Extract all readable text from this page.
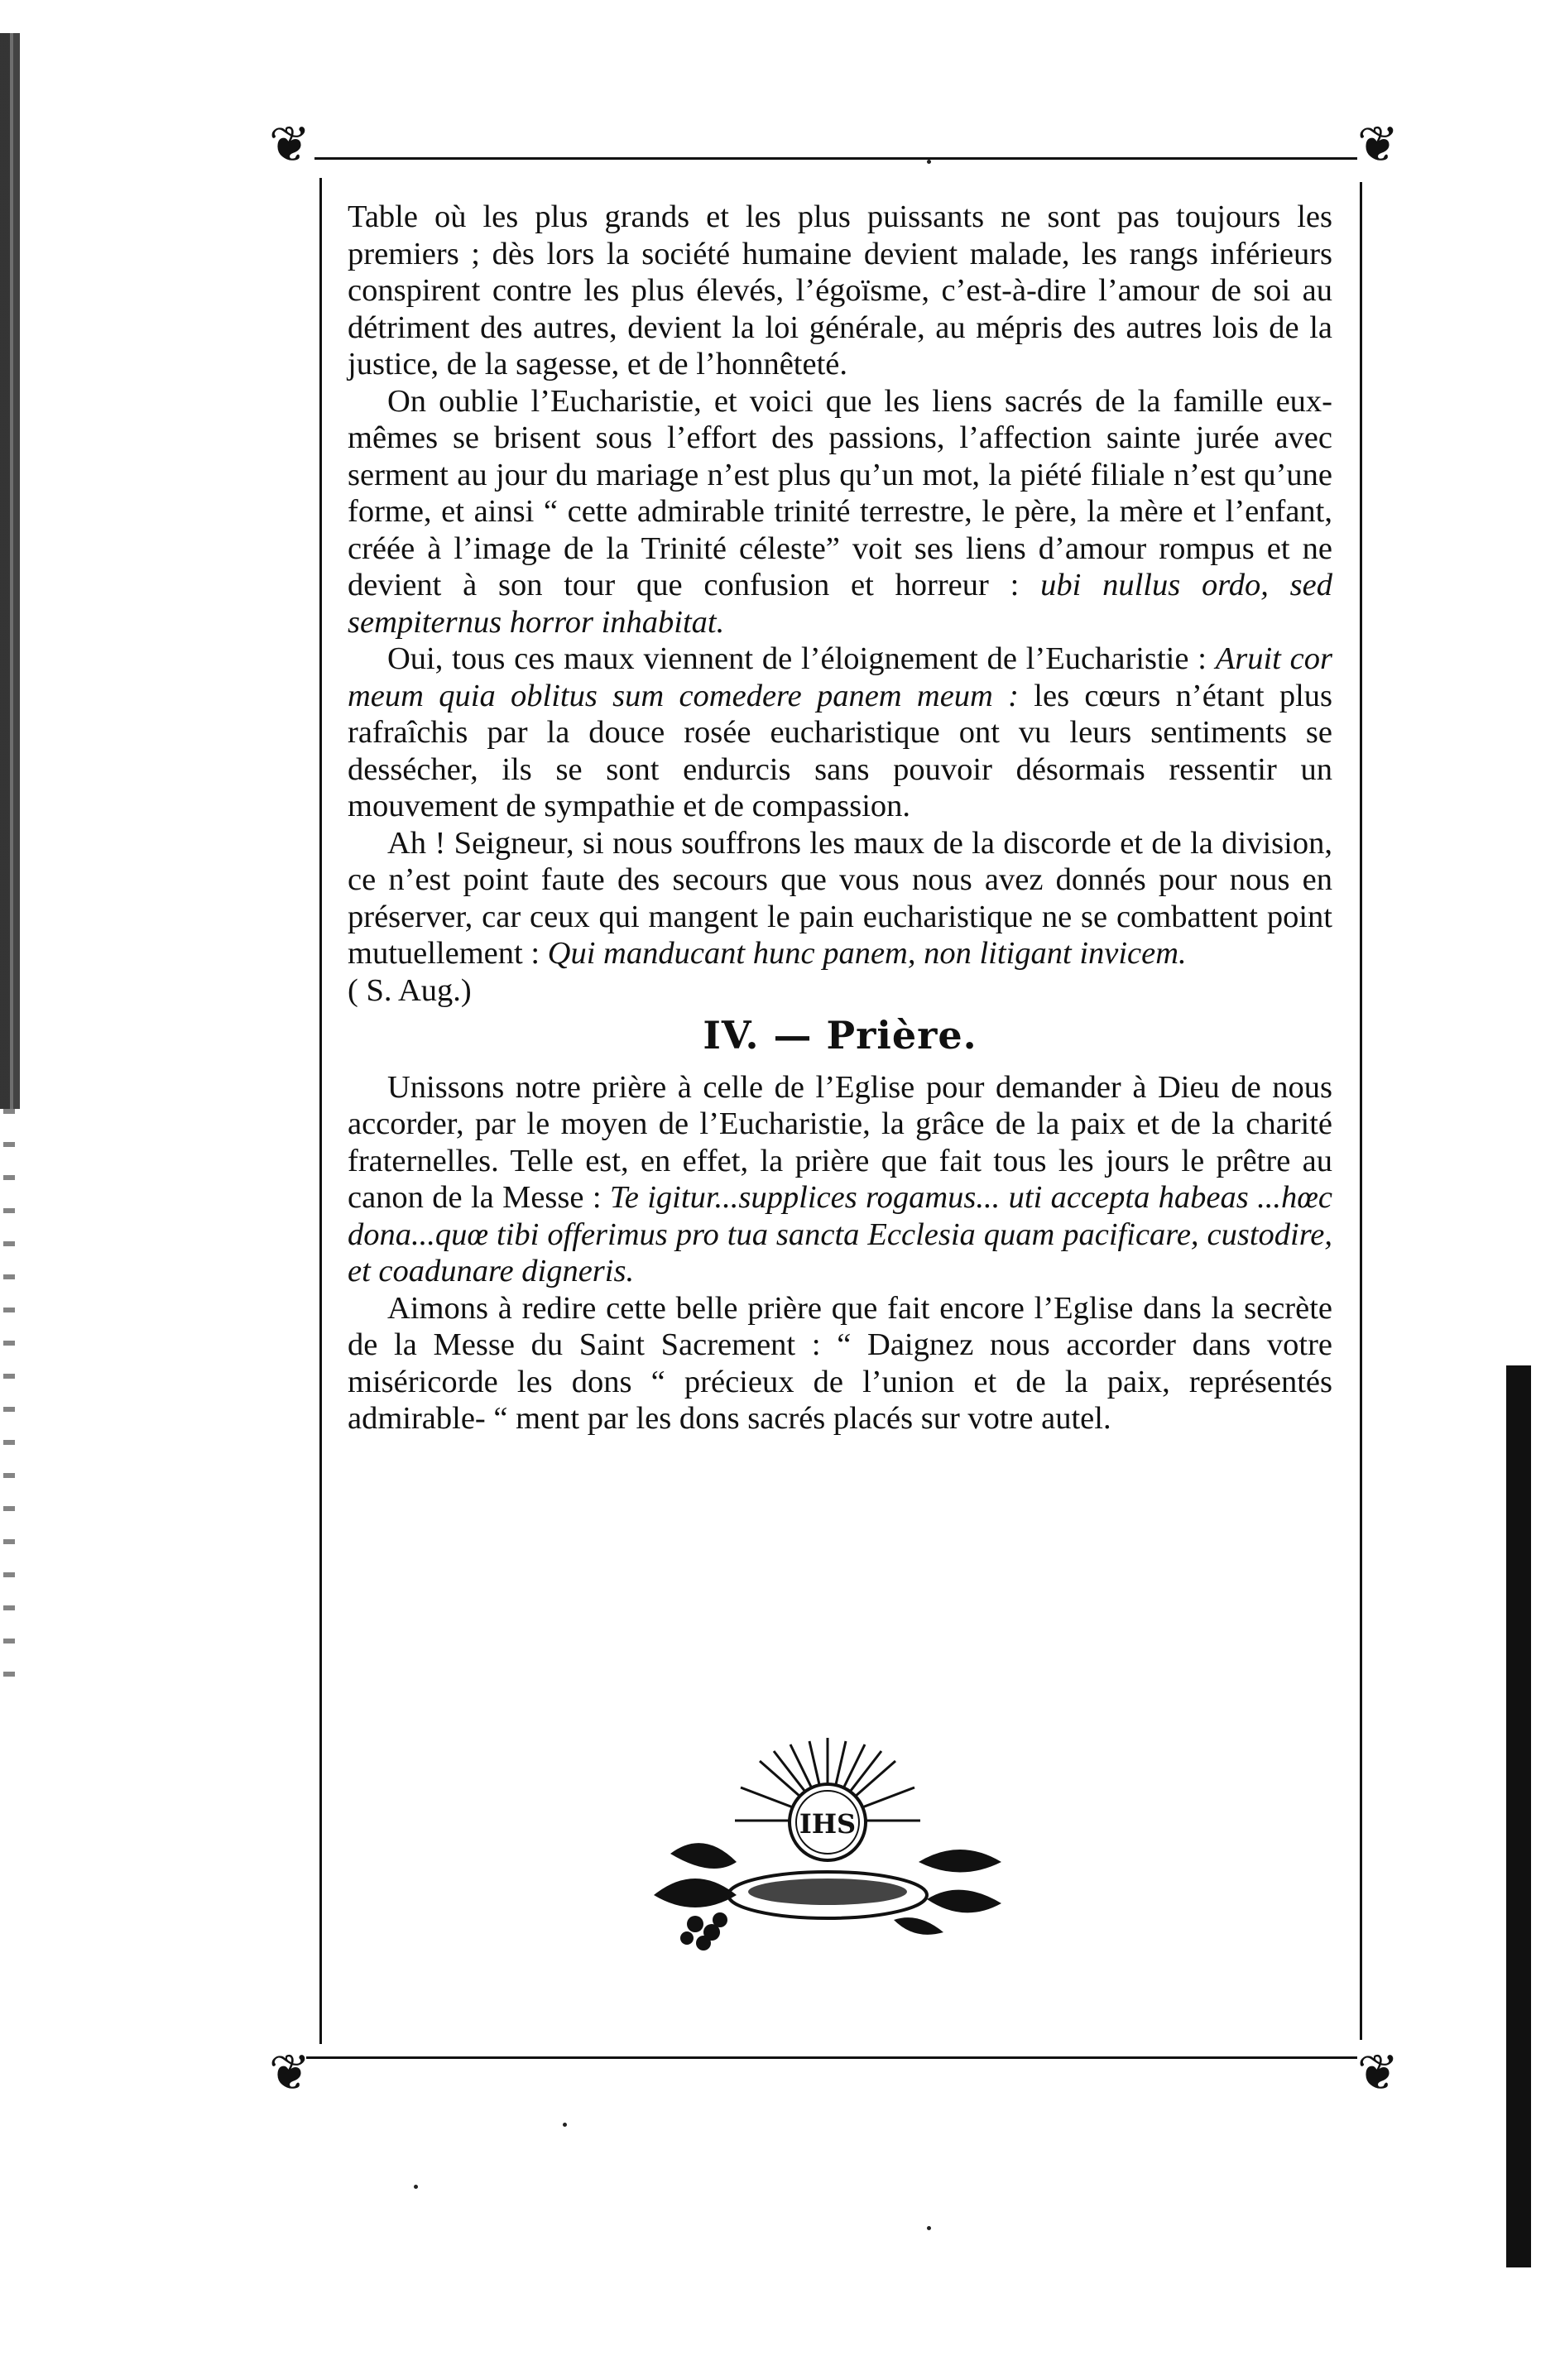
❦	❦
❦	❦

Table où les plus grands et les plus puissants ne sont pas toujours les premiers ; dès lors la société humaine devient malade, les rangs inférieurs conspirent contre les plus élevés, l’égoïsme, c’est-à-dire l’amour de soi au détriment des autres, devient la loi générale, au mépris des autres lois de la justice, de la sagesse, et de l’honnêteté.

On oublie l’Eucharistie, et voici que les liens sacrés de la famille eux-mêmes se brisent sous l’effort des passions, l’affection sainte jurée avec serment au jour du mariage n’est plus qu’un mot, la piété filiale n’est qu’une forme, et ainsi “ cette admirable trinité terrestre, le père, la mère et l’enfant, créée à l’image de la Trinité céleste” voit ses liens d’amour rompus et ne devient à son tour que confusion et horreur : ubi nullus ordo, sed sempiternus horror inhabitat.

Oui, tous ces maux viennent de l’éloignement de l’Eucharistie : Aruit cor meum quia oblitus sum comedere panem meum : les cœurs n’étant plus rafraîchis par la douce rosée eucharistique ont vu leurs sentiments se dessécher, ils se sont endurcis sans pouvoir désormais ressentir un mouvement de sympathie et de compassion.

Ah ! Seigneur, si nous souffrons les maux de la discorde et de la division, ce n’est point faute des secours que vous nous avez donnés pour nous en préserver, car ceux qui mangent le pain eucharistique ne se combattent point mutuellement : Qui manducant hunc panem, non litigant invicem.

( S. Aug.)

IV. — Prière.

Unissons notre prière à celle de l’Eglise pour demander à Dieu de nous accorder, par le moyen de l’Eucharistie, la grâce de la paix et de la charité fraternelles. Telle est, en effet, la prière que fait tous les jours le prêtre au canon de la Messe : Te igitur...supplices rogamus... uti accepta habeas ...hœc dona...quœ tibi offerimus pro tua sancta Ecclesia quam pacificare, custodire, et coadunare digneris.

Aimons à redire cette belle prière que fait encore l’Eglise dans la secrète de la Messe du Saint Sacrement : “ Daignez nous accorder dans votre miséricorde les dons “ précieux de l’union et de la paix, représentés admirable- “ ment par les dons sacrés placés sur votre autel.

IHS
